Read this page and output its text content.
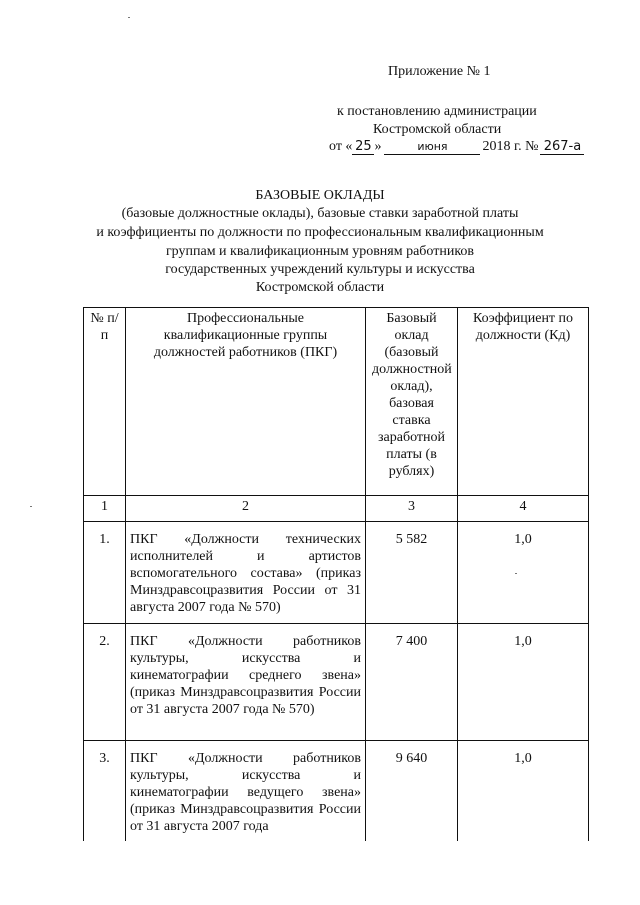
Приложение № 1
к постановлению администрации
Костромской области
от « 25 »	июня 2018 г. № 267-а
БАЗОВЫЕ ОКЛАДЫ
(базовые должностные оклады), базовые ставки заработной платы
и коэффициенты по должности по профессиональным квалификационным
группам и квалификационным уровням работников
государственных учреждений культуры и искусства
Костромской области
№ п/п	Профессиональные квалификационные группы должностей работников (ПКГ)	Базовый оклад (базовый должностной оклад), базовая ставка заработной платы (в рублях)	Коэффициент по должности (Кд)
1	2	3	4
1.	ПКГ «Должности технических исполнителей и артистов вспомогательного состава» (приказ Минздравсоцразвития России от 31 августа 2007 года № 570)	5 582	1,0
2.	ПКГ «Должности работников культуры, искусства и кинематографии среднего звена» (приказ Минздравсоцразвития России от 31 августа 2007 года № 570)	7 400	1,0
3.	ПКГ «Должности работников культуры, искусства и кинематографии ведущего звена» (приказ Минздравсоцразвития России от 31 августа 2007 года	9 640	1,0
